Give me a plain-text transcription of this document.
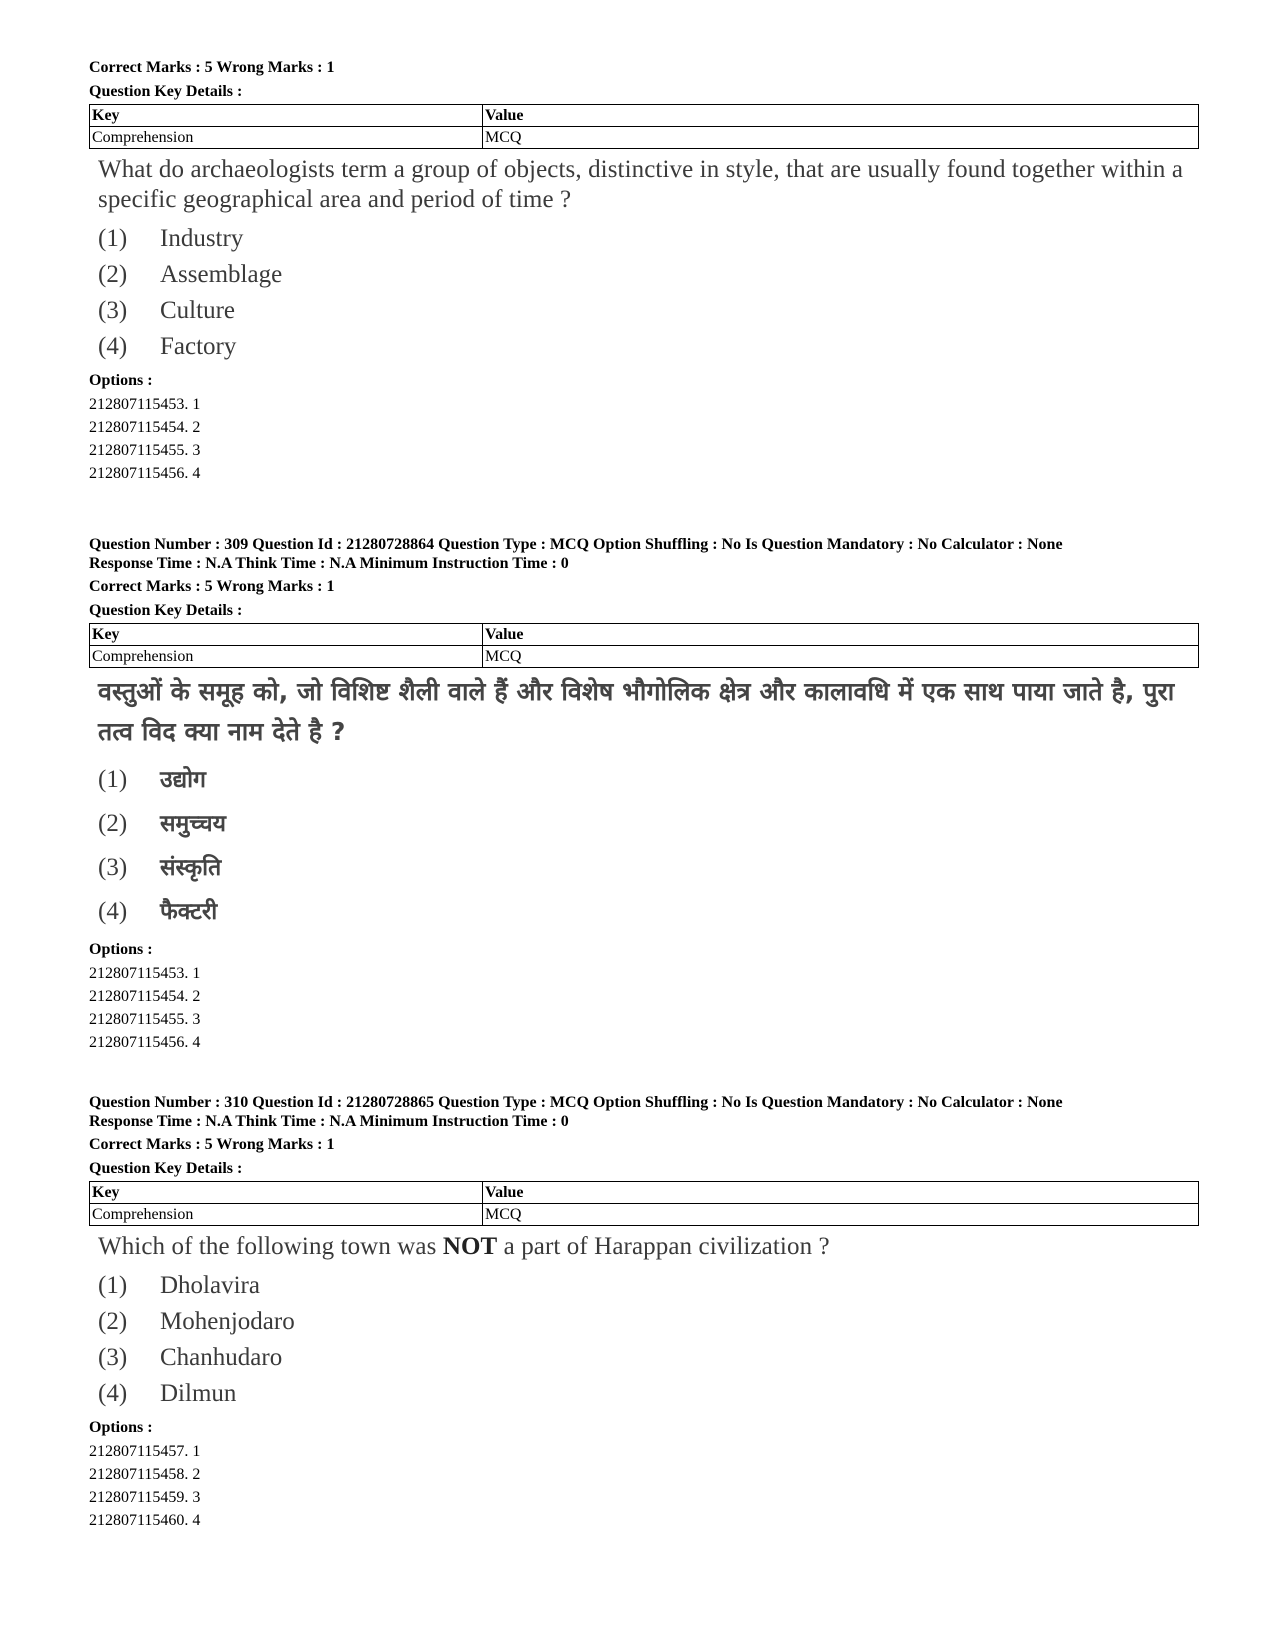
Correct Marks : 5 Wrong Marks : 1

Question Key Details :

Key	Value
Comprehension	MCQ

What do archaeologists term a group of objects, distinctive in style, that are usually found together within a specific geographical area and period of time ?

(1) Industry

(2) Assemblage

(3) Culture

(4) Factory

Options :

212807115453. 1

212807115454. 2

212807115455. 3

212807115456. 4

Question Number : 309 Question Id : 21280728864 Question Type : MCQ Option Shuffling : No Is Question Mandatory : No Calculator : None

Response Time : N.A Think Time : N.A Minimum Instruction Time : 0

Correct Marks : 5 Wrong Marks : 1

Question Key Details :

Key	Value
Comprehension	MCQ

वस्तुओं के समूह को, जो विशिष्ट शैली वाले हैं और विशेष भौगोलिक क्षेत्र और कालावधि में एक साथ पाया जाते है, पुरा तत्व विद क्या नाम देते है ?

(1) उद्योग

(2) समुच्चय

(3) संस्कृति

(4) फैक्टरी

Options :

212807115453. 1

212807115454. 2

212807115455. 3

212807115456. 4

Question Number : 310 Question Id : 21280728865 Question Type : MCQ Option Shuffling : No Is Question Mandatory : No Calculator : None

Response Time : N.A Think Time : N.A Minimum Instruction Time : 0

Correct Marks : 5 Wrong Marks : 1

Question Key Details :

Key	Value
Comprehension	MCQ

Which of the following town was NOT a part of Harappan civilization ?

(1) Dholavira

(2) Mohenjodaro

(3) Chanhudaro

(4) Dilmun

Options :

212807115457. 1

212807115458. 2

212807115459. 3

212807115460. 4
